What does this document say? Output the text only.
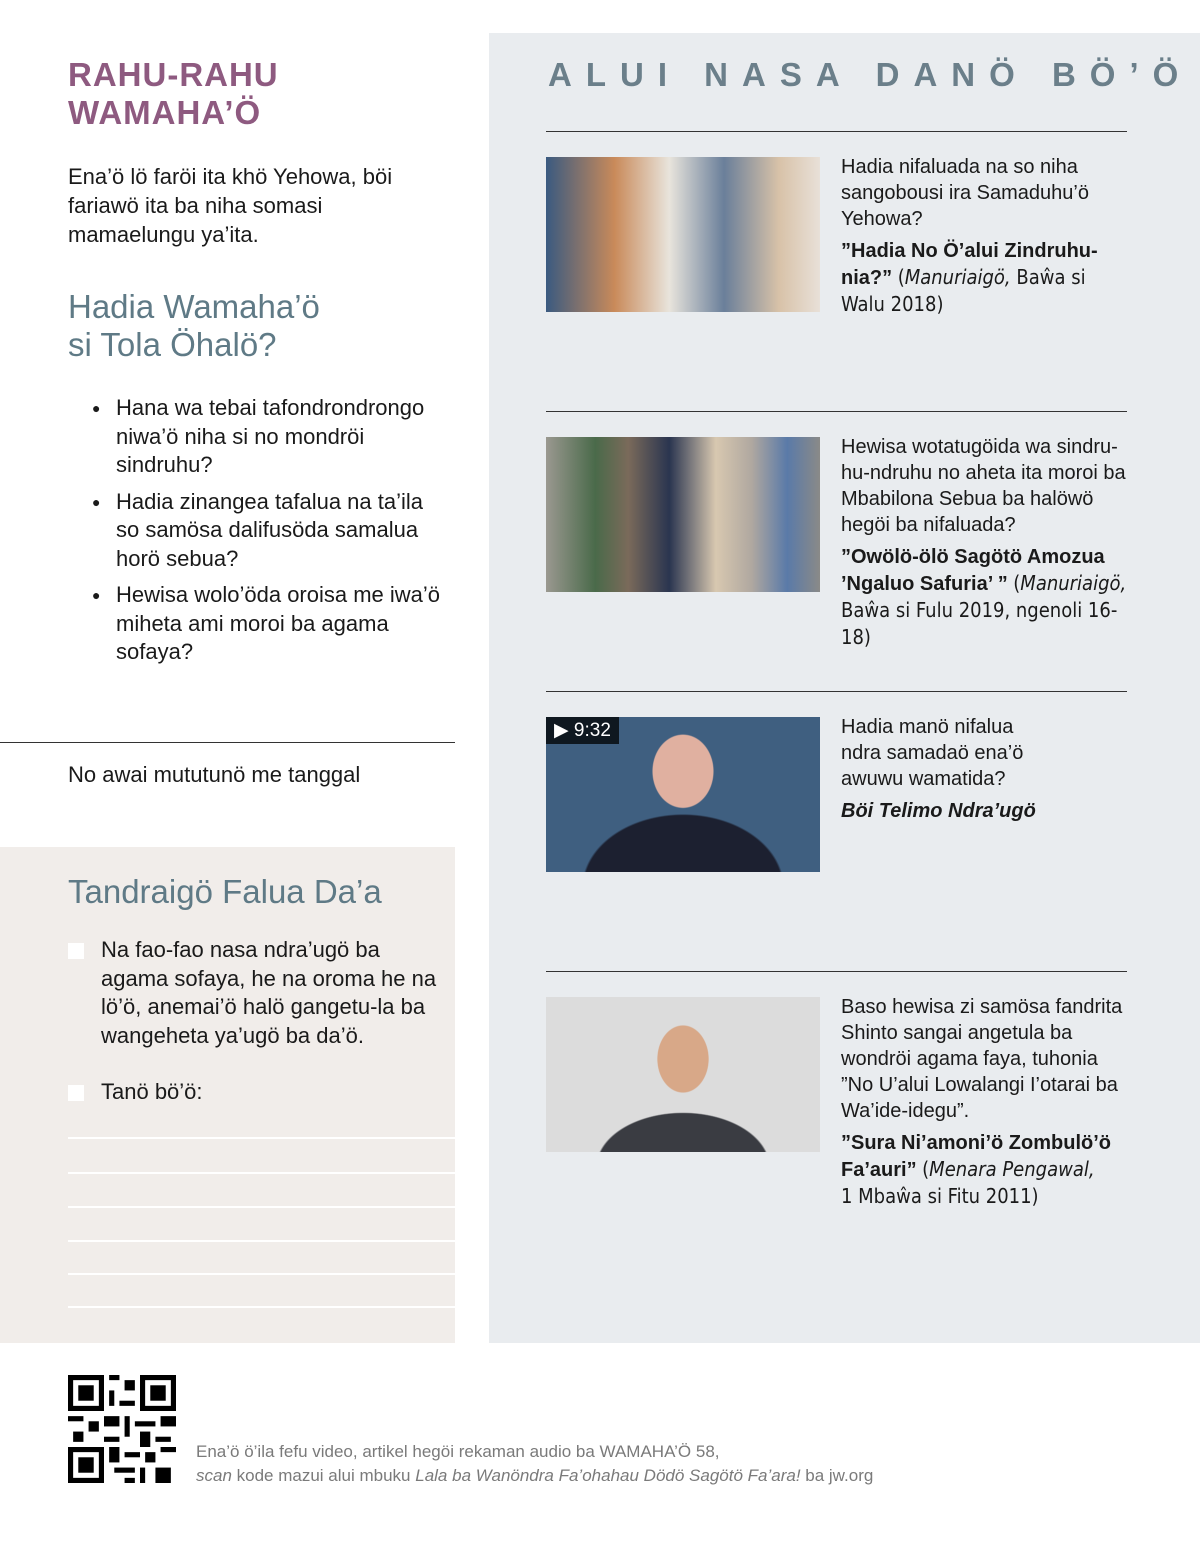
RAHU-RAHU
WAMAHA’Ö

Ena’ö lö faröi ita khö Yehowa, böi fariawö ita ba niha somasi mamaelungu ya’ita.

Hadia Wamaha’ö
si Tola Öhalö?
● Hana wa tebai tafondrondrongo niwa’ö niha si no mondröi sindruhu?
● Hadia zinangea tafalua na ta’ila so samösa dalifusöda samalua horö sebua?
● Hewisa wolo’öda oroisa me iwa’ö miheta ami moroi ba agama sofaya?
No awai mututunö me tanggal
Tandraigö Falua Da’a
Na fao-fao nasa ndra’ugö ba agama sofaya, he na oroma he na lö’ö, anemai’ö halö gangetu-la ba wangeheta ya’ugö ba da’ö.
Tanö bö’ö:
ALUI NASA DANÖ BÖ’Ö
Hadia nifaluada na so niha sangobousi ira Samaduhu’ö Yehowa?
”Hadia No Ö’alui Zindruhu-nia?” (Manuriaigö, Baŵa si Walu 2018)
Hewisa wotatugöida wa sindru-hu-ndruhu no aheta ita moroi ba Mbabilona Sebua ba halöwö hegöi ba nifaluada?
”Owölö-ölö Sagötö Amozua ’Ngaluo Safuria’ ” (Manuriaigö,
Baŵa si Fulu 2019, ngenoli 16-18)
▶ 9:32	Hadia manö nifalua ndra samadaö ena’ö awuwu wamatida?
Böi Telimo Ndra’ugö
Baso hewisa zi samösa fandrita Shinto sangai angetula ba wondröi agama faya, tuhonia ”No U’alui Lowalangi I’otarai ba Wa’ide-idegu”.
”Sura Ni’amoni’ö Zombulö’ö Fa’auri” (Menara Pengawal,
1 Mbaŵa si Fitu 2011)
Ena’ö ö’ila fefu video, artikel hegöi rekaman audio ba WAMAHA’Ö 58,
scan kode mazui alui mbuku Lala ba Wanöndra Fa’ohahau Dödö Sagötö Fa’ara! ba jw.org
